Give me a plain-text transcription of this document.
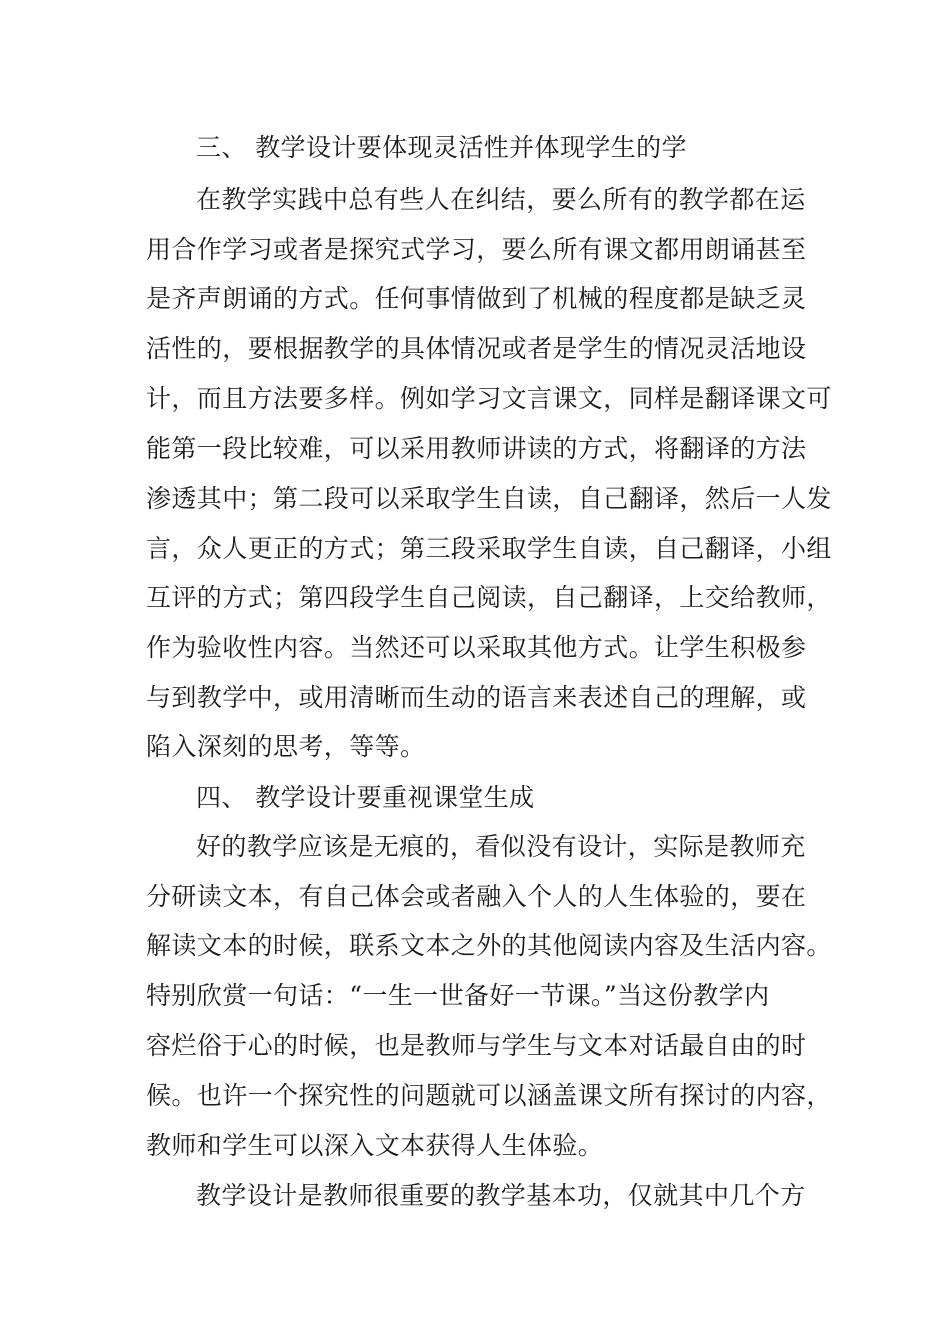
三、 教学设计要体现灵活性并体现学生的学

在教学实践中总有些人在纠结，要么所有的教学都在运

用合作学习或者是探究式学习，要么所有课文都用朗诵甚至

是齐声朗诵的方式。任何事情做到了机械的程度都是缺乏灵

活性的，要根据教学的具体情况或者是学生的情况灵活地设

计，而且方法要多样。例如学习文言课文，同样是翻译课文可

能第一段比较难，可以采用教师讲读的方式，将翻译的方法

渗透其中；第二段可以采取学生自读，自己翻译，然后一人发

言，众人更正的方式；第三段采取学生自读，自己翻译，小组

互评的方式；第四段学生自己阅读，自己翻译，上交给教师，

作为验收性内容。当然还可以采取其他方式。让学生积极参

与到教学中，或用清晰而生动的语言来表述自己的理解，或

陷入深刻的思考，等等。

四、 教学设计要重视课堂生成

好的教学应该是无痕的，看似没有设计，实际是教师充

分研读文本，有自己体会或者融入个人的人生体验的，要在

解读文本的时候，联系文本之外的其他阅读内容及生活内容。

特别欣赏一句话：“一生一世备好一节课。”当这份教学内

容烂俗于心的时候，也是教师与学生与文本对话最自由的时

候。也许一个探究性的问题就可以涵盖课文所有探讨的内容，

教师和学生可以深入文本获得人生体验。

教学设计是教师很重要的教学基本功，仅就其中几个方
